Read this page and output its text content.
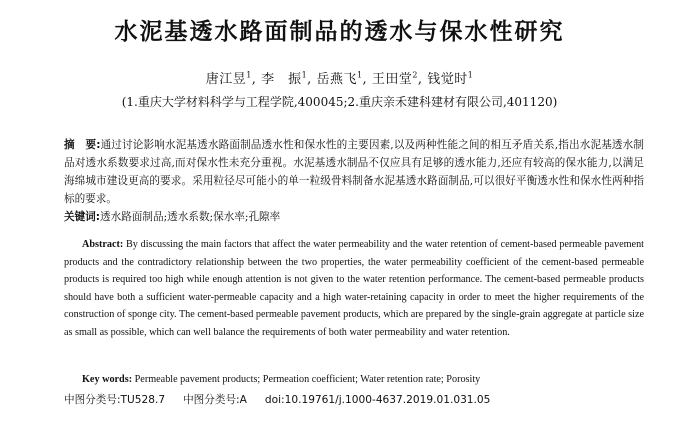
水泥基透水路面制品的透水与保水性研究
唐江昱$^1$, 李　振$^1$, 岳燕飞$^1$, 王田堂$^2$, 钱觉时$^1$
(1.重庆大学材料科学与工程学院,400045;2.重庆亲禾建科建材有限公司,401120)
摘　要:通过讨论影响水泥基透水路面制品透水性和保水性的主要因素,以及两种性能之间的相互矛盾关系,指出水泥基透水制品对透水系数要求过高,而对保水性未充分重视。水泥基透水制品不仅应具有足够的透水能力,还应有较高的保水能力,以满足海绵城市建设更高的要求。采用粒径尽可能小的单一粒级骨料制备水泥基透水路面制品,可以很好平衡透水性和保水性两种指标的要求。
关键词:透水路面制品;透水系数;保水率;孔隙率
Abstract: By discussing the main factors that affect the water permeability and the water retention of cement-based permeable pavement products and the contradictory relationship between the two properties, the water permeability coefficient of the cement-based permeable products is required too high while enough attention is not given to the water retention performance. The cement-based permeable products should have both a sufficient water-permeable capacity and a high water-retaining capacity in order to meet the higher requirements of the construction of sponge city. The cement-based permeable pavement products, which are prepared by the single-grain aggregate at particle size as small as possible, which can well balance the requirements of both water permeability and water retention.
Key words: Permeable pavement products; Permeation coefficient; Water retention rate; Porosity
中图分类号:TU528.7 中图分类号:A doi:10.19761/j.1000-4637.2019.01.031.05
